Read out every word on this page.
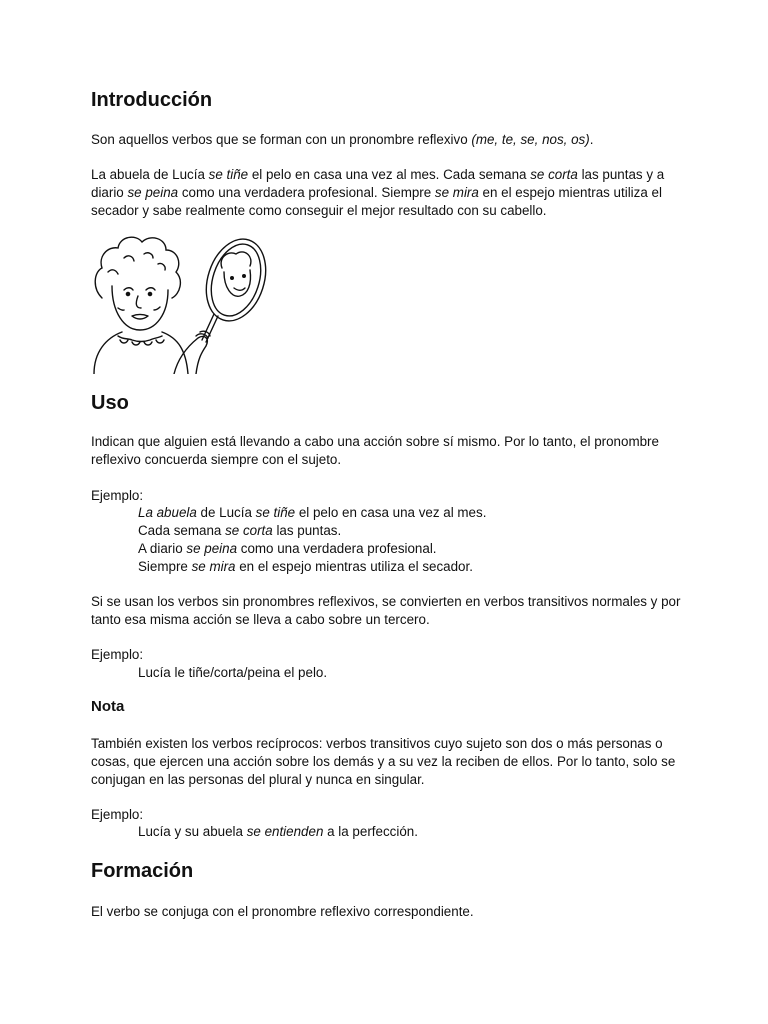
Introducción

Son aquellos verbos que se forman con un pronombre reflexivo (me, te, se, nos, os).

La abuela de Lucía se tiñe el pelo en casa una vez al mes. Cada semana se corta las puntas y a diario se peina como una verdadera profesional. Siempre se mira en el espejo mientras utiliza el secador y sabe realmente como conseguir el mejor resultado con su cabello.

Uso

Indican que alguien está llevando a cabo una acción sobre sí mismo. Por lo tanto, el pronombre reflexivo concuerda siempre con el sujeto.

Ejemplo:

La abuela de Lucía se tiñe el pelo en casa una vez al mes.

Cada semana se corta las puntas.

A diario se peina como una verdadera profesional.

Siempre se mira en el espejo mientras utiliza el secador.

Si se usan los verbos sin pronombres reflexivos, se convierten en verbos transitivos normales y por tanto esa misma acción se lleva a cabo sobre un tercero.

Ejemplo:

Lucía le tiñe/corta/peina el pelo.

Nota

También existen los verbos recíprocos: verbos transitivos cuyo sujeto son dos o más personas o cosas, que ejercen una acción sobre los demás y a su vez la reciben de ellos. Por lo tanto, solo se conjugan en las personas del plural y nunca en singular.

Ejemplo:

Lucía y su abuela se entienden a la perfección.

Formación

El verbo se conjuga con el pronombre reflexivo correspondiente.
